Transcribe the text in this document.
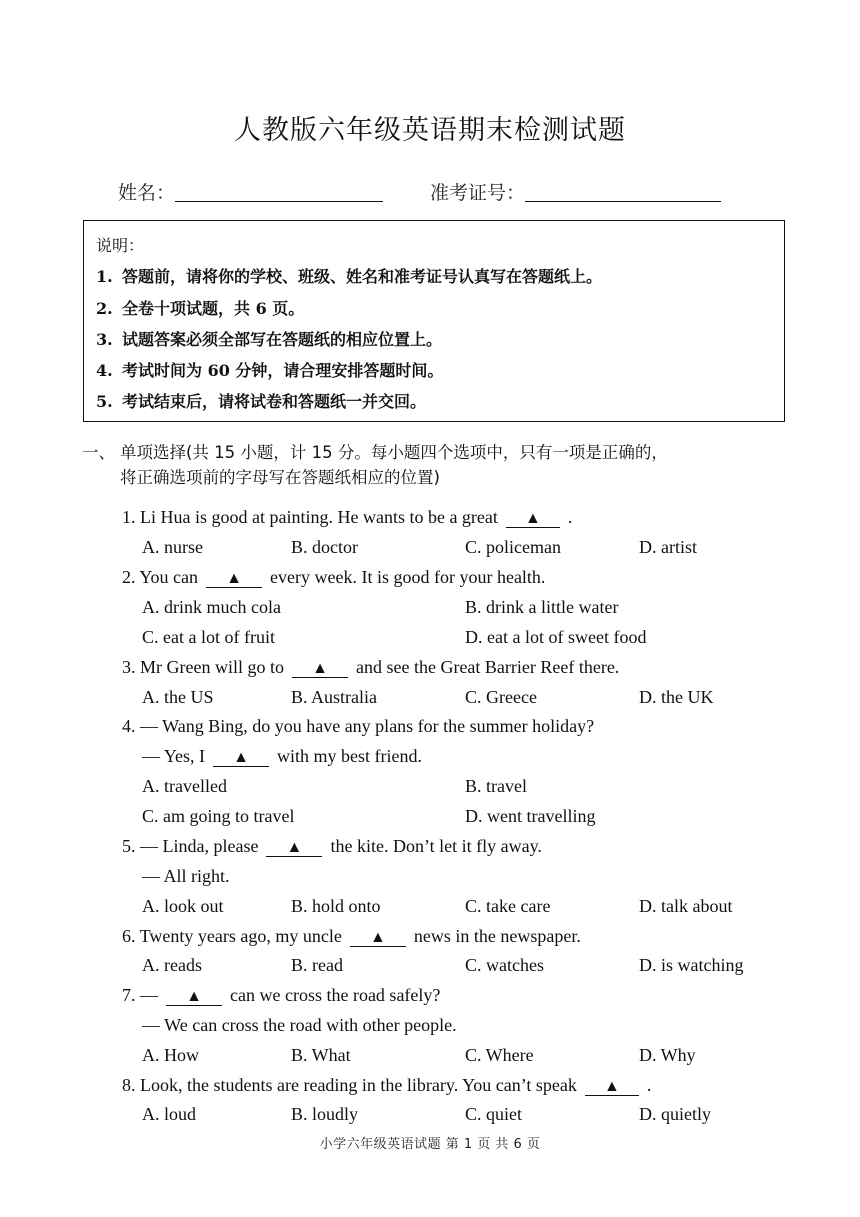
人教版六年级英语期末检测试题
姓名：	准考证号：
说明：
1. 答题前，请将你的学校、班级、姓名和准考证号认真写在答题纸上。
2. 全卷十项试题，共 6 页。
3. 试题答案必须全部写在答题纸的相应位置上。
4. 考试时间为 60 分钟，请合理安排答题时间。
5. 考试结束后，请将试卷和答题纸一并交回。
一、 单项选择(共 15 小题，计 15 分。每小题四个选项中，只有一项是正确的，
将正确选项前的字母写在答题纸相应的位置)
1. Li Hua is good at painting. He wants to be a great ▲ .
A. nurse	B. doctor	C. policeman	D. artist
2. You can ▲ every week. It is good for your health.
A. drink much cola	B. drink a little water
C. eat a lot of fruit	D. eat a lot of sweet food
3. Mr Green will go to ▲ and see the Great Barrier Reef there.
A. the US	B. Australia	C. Greece	D. the UK
4. — Wang Bing, do you have any plans for the summer holiday?
— Yes, I ▲ with my best friend.
A. travelled	B. travel
C. am going to travel	D. went travelling
5. — Linda, please ▲ the kite. Don’t let it fly away.
— All right.
A. look out	B. hold onto	C. take care	D. talk about
6. Twenty years ago, my uncle ▲ news in the newspaper.
A. reads	B. read	C. watches	D. is watching
7. — ▲ can we cross the road safely?
— We can cross the road with other people.
A. How	B. What	C. Where	D. Why
8. Look, the students are reading in the library. You can’t speak ▲ .
A. loud	B. loudly	C. quiet	D. quietly
小学六年级英语试题 第 1 页 共 6 页
